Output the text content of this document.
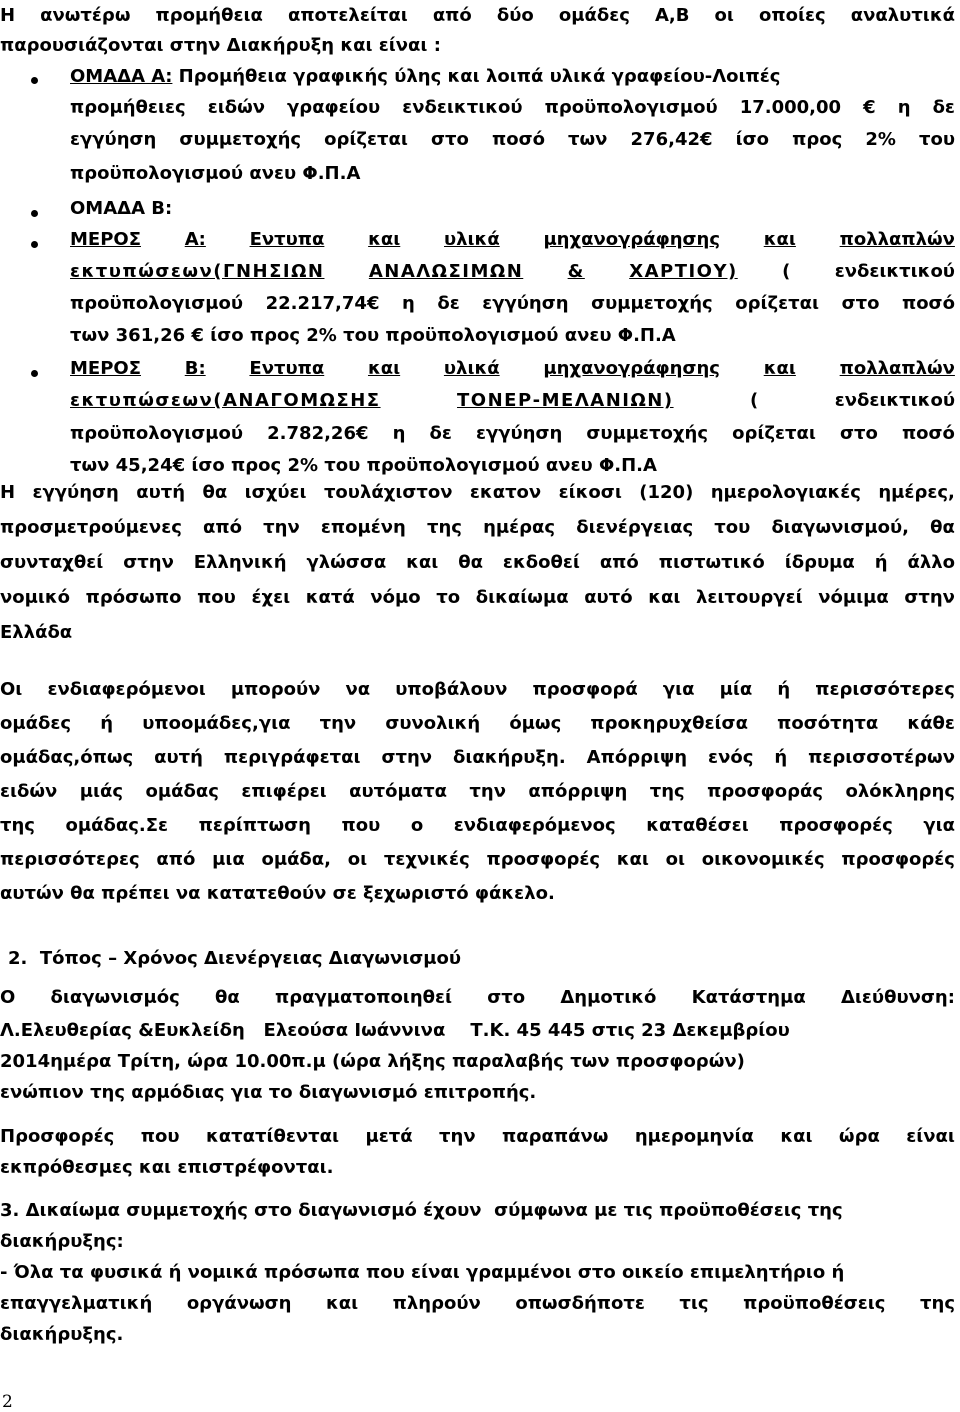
Η ανωτέρω προμήθεια αποτελείται από δύο ομάδες Α,Β οι οποίες αναλυτικά
παρουσιάζονται στην Διακήρυξη και είναι :
ΟΜΑΔΑ Α: Προμήθεια γραφικής ύλης και λοιπά υλικά γραφείου-Λοιπές
προμήθειες ειδών γραφείου ενδεικτικού προϋπολογισμού 17.000,00 € η δε
εγγύηση συμμετοχής ορίζεται στο ποσό των 276,42€ ίσο προς 2% του
προϋπολογισμού ανευ Φ.Π.Α
ΟΜΑΔΑ Β:
ΜΕΡΟΣ Α: Εντυπα και υλικά μηχανογράφησης και πολλαπλών
εκτυπώσεων(ΓΝΗΣΙΩΝ ΑΝΑΛΩΣΙΜΩΝ & ΧΑΡΤΙΟΥ) ( ενδεικτικού
προϋπολογισμού 22.217,74€ η δε εγγύηση συμμετοχής ορίζεται στο ποσό
των 361,26 € ίσο προς 2% του προϋπολογισμού ανευ Φ.Π.Α
ΜΕΡΟΣ Β: Εντυπα και υλικά μηχανογράφησης και πολλαπλών
εκτυπώσεων(ΑΝΑΓΟΜΩΣΗΣ	ΤΟΝΕΡ-ΜΕΛΑΝΙΩΝ)	(	ενδεικτικού
προϋπολογισμού 2.782,26€ η δε εγγύηση συμμετοχής ορίζεται στο ποσό
των 45,24€ ίσο προς 2% του προϋπολογισμού ανευ Φ.Π.Α
Η εγγύηση αυτή θα ισχύει τουλάχιστον εκατον είκοσι (120) ημερολογιακές ημέρες,
προσμετρούμενες από την επομένη της ημέρας διενέργειας του διαγωνισμού, θα
συνταχθεί στην Ελληνική γλώσσα και θα εκδοθεί από πιστωτικό ίδρυμα ή άλλο
νομικό πρόσωπο που έχει κατά νόμο το δικαίωμα αυτό και λειτουργεί νόμιμα στην
Ελλάδα
Οι ενδιαφερόμενοι μπορούν να υποβάλουν προσφορά για μία ή περισσότερες
ομάδες ή υποομάδες,για την συνολική όμως προκηρυχθείσα ποσότητα κάθε
ομάδας,όπως αυτή περιγράφεται στην διακήρυξη. Απόρριψη ενός ή περισσοτέρων
ειδών μιάς ομάδας επιφέρει αυτόματα την απόρριψη της προσφοράς ολόκληρης
της ομάδας.Σε περίπτωση που ο ενδιαφερόμενος καταθέσει προσφορές για
περισσότερες από μια ομάδα, οι τεχνικές προσφορές και οι οικονομικές προσφορές
αυτών θα πρέπει να κατατεθούν σε ξεχωριστό φάκελο.
2.  Τόπος – Χρόνος Διενέργειας Διαγωνισμού
Ο διαγωνισμός θα πραγματοποιηθεί στο Δημοτικό Κατάστημα Διεύθυνση:
Λ.Ελευθερίας &Ευκλείδη   Ελεούσα Ιωάννινα    Τ.Κ. 45 445 στις 23 Δεκεμβρίου
2014ημέρα Τρίτη, ώρα 10.00π.μ (ώρα λήξης παραλαβής των προσφορών)
ενώπιον της αρμόδιας για το διαγωνισμό επιτροπής.
Προσφορές που κατατίθενται μετά την παραπάνω ημερομηνία και ώρα είναι
εκπρόθεσμες και επιστρέφονται.
3. Δικαίωμα συμμετοχής στο διαγωνισμό έχουν  σύμφωνα με τις προϋποθέσεις της
διακήρυξης:
- Όλα τα φυσικά ή νομικά πρόσωπα που είναι γραμμένοι στο οικείο επιμελητήριο ή
επαγγελματική οργάνωση και πληρούν οπωσδήποτε τις προϋποθέσεις της
διακήρυξης.
2
